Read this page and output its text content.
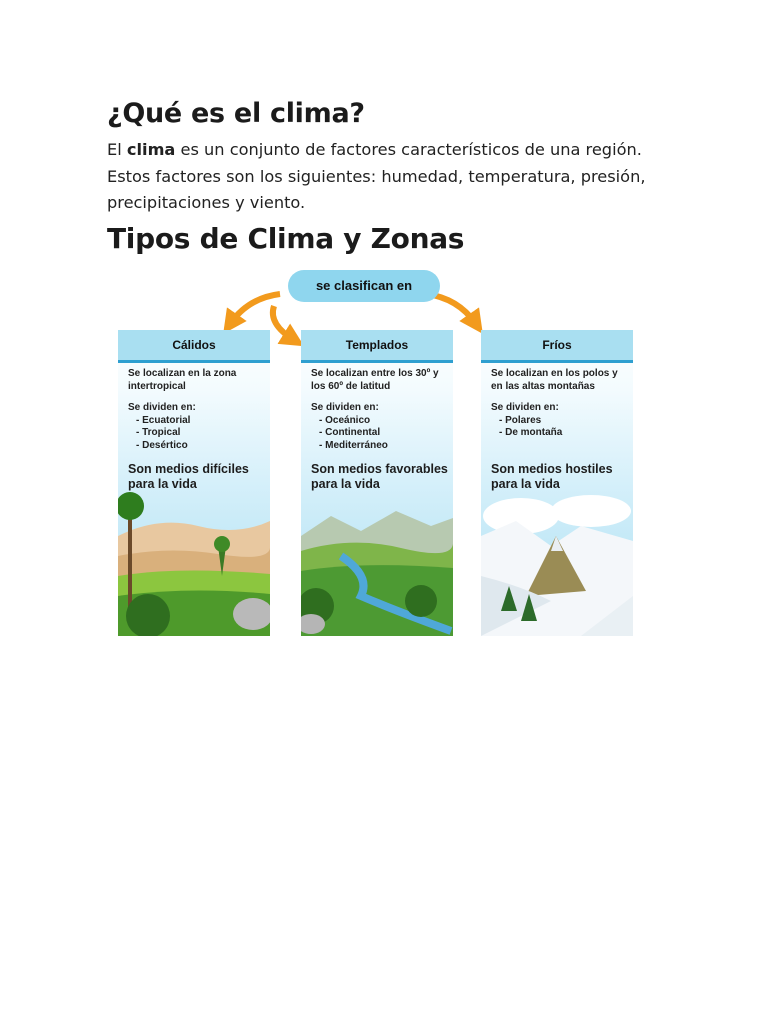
¿Qué es el clima?

El clima es un conjunto de factores característicos de una región. Estos factores son los siguientes: humedad, temperatura, presión, precipitaciones y viento.

Tipos de Clima y Zonas
se clasifican en
Cálidos

Se localizan en la zona intertropical

Se dividen en:
- Ecuatorial
- Tropical
- Desértico
Son medios difíciles para la vida
Templados

Se localizan entre los 30º y los 60º de latitud

Se dividen en:
- Oceánico
- Continental
- Mediterráneo
Son medios favorables para la vida
Fríos

Se localizan en los polos y en las altas montañas

Se dividen en:
- Polares
- De montaña
Son medios hostiles para la vida
